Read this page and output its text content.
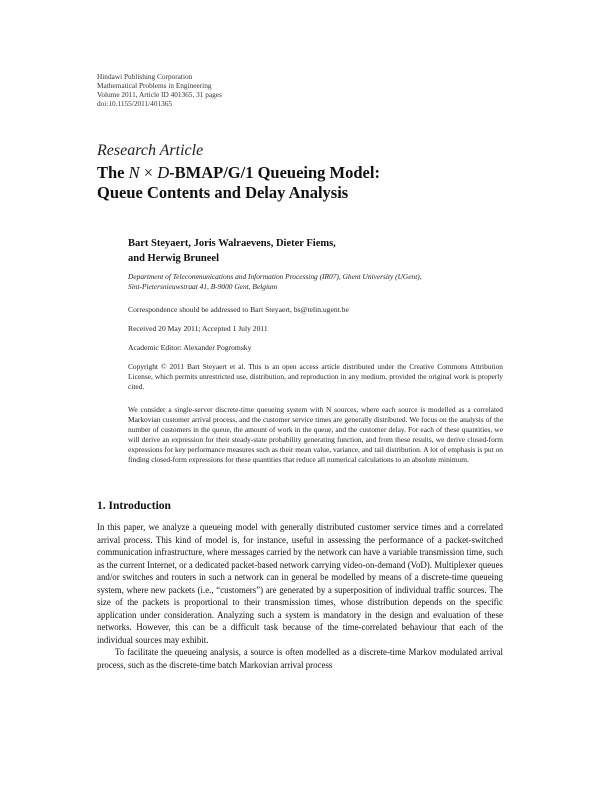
Hindawi Publishing Corporation
Mathematical Problems in Engineering
Volume 2011, Article ID 401365, 31 pages
doi:10.1155/2011/401365
Research Article
The N × D-BMAP/G/1 Queueing Model:
Queue Contents and Delay Analysis
Bart Steyaert, Joris Walraevens, Dieter Fiems,
and Herwig Bruneel
Department of Telecommunications and Information Processing (IR07), Ghent University (UGent),
Sint-Pietersnieuwstraat 41, B-9000 Gent, Belgium
Correspondence should be addressed to Bart Steyaert, bs@telin.ugent.be
Received 20 May 2011; Accepted 1 July 2011
Academic Editor: Alexander Pogromsky
Copyright © 2011 Bart Steyaert et al. This is an open access article distributed under the Creative Commons Attribution License, which permits unrestricted use, distribution, and reproduction in any medium, provided the original work is properly cited.
We consider a single-server discrete-time queueing system with N sources, where each source is modelled as a correlated Markovian customer arrival process, and the customer service times are generally distributed. We focus on the analysis of the number of customers in the queue, the amount of work in the queue, and the customer delay. For each of these quantities, we will derive an expression for their steady-state probability generating function, and from these results, we derive closed-form expressions for key performance measures such as their mean value, variance, and tail distribution. A lot of emphasis is put on finding closed-form expressions for these quantities that reduce all numerical calculations to an absolute minimum.
1. Introduction

In this paper, we analyze a queueing model with generally distributed customer service times and a correlated arrival process. This kind of model is, for instance, useful in assessing the performance of a packet-switched communication infrastructure, where messages carried by the network can have a variable transmission time, such as the current Internet, or a dedicated packet-based network carrying video-on-demand (VoD). Multiplexer queues and/or switches and routers in such a network can in general be modelled by means of a discrete-time queueing system, where new packets (i.e., “customers”) are generated by a superposition of individual traffic sources. The size of the packets is proportional to their transmission times, whose distribution depends on the specific application under consideration. Analyzing such a system is mandatory in the design and evaluation of these networks. However, this can be a difficult task because of the time-correlated behaviour that each of the individual sources may exhibit.

To facilitate the queueing analysis, a source is often modelled as a discrete-time Markov modulated arrival process, such as the discrete-time batch Markovian arrival process
